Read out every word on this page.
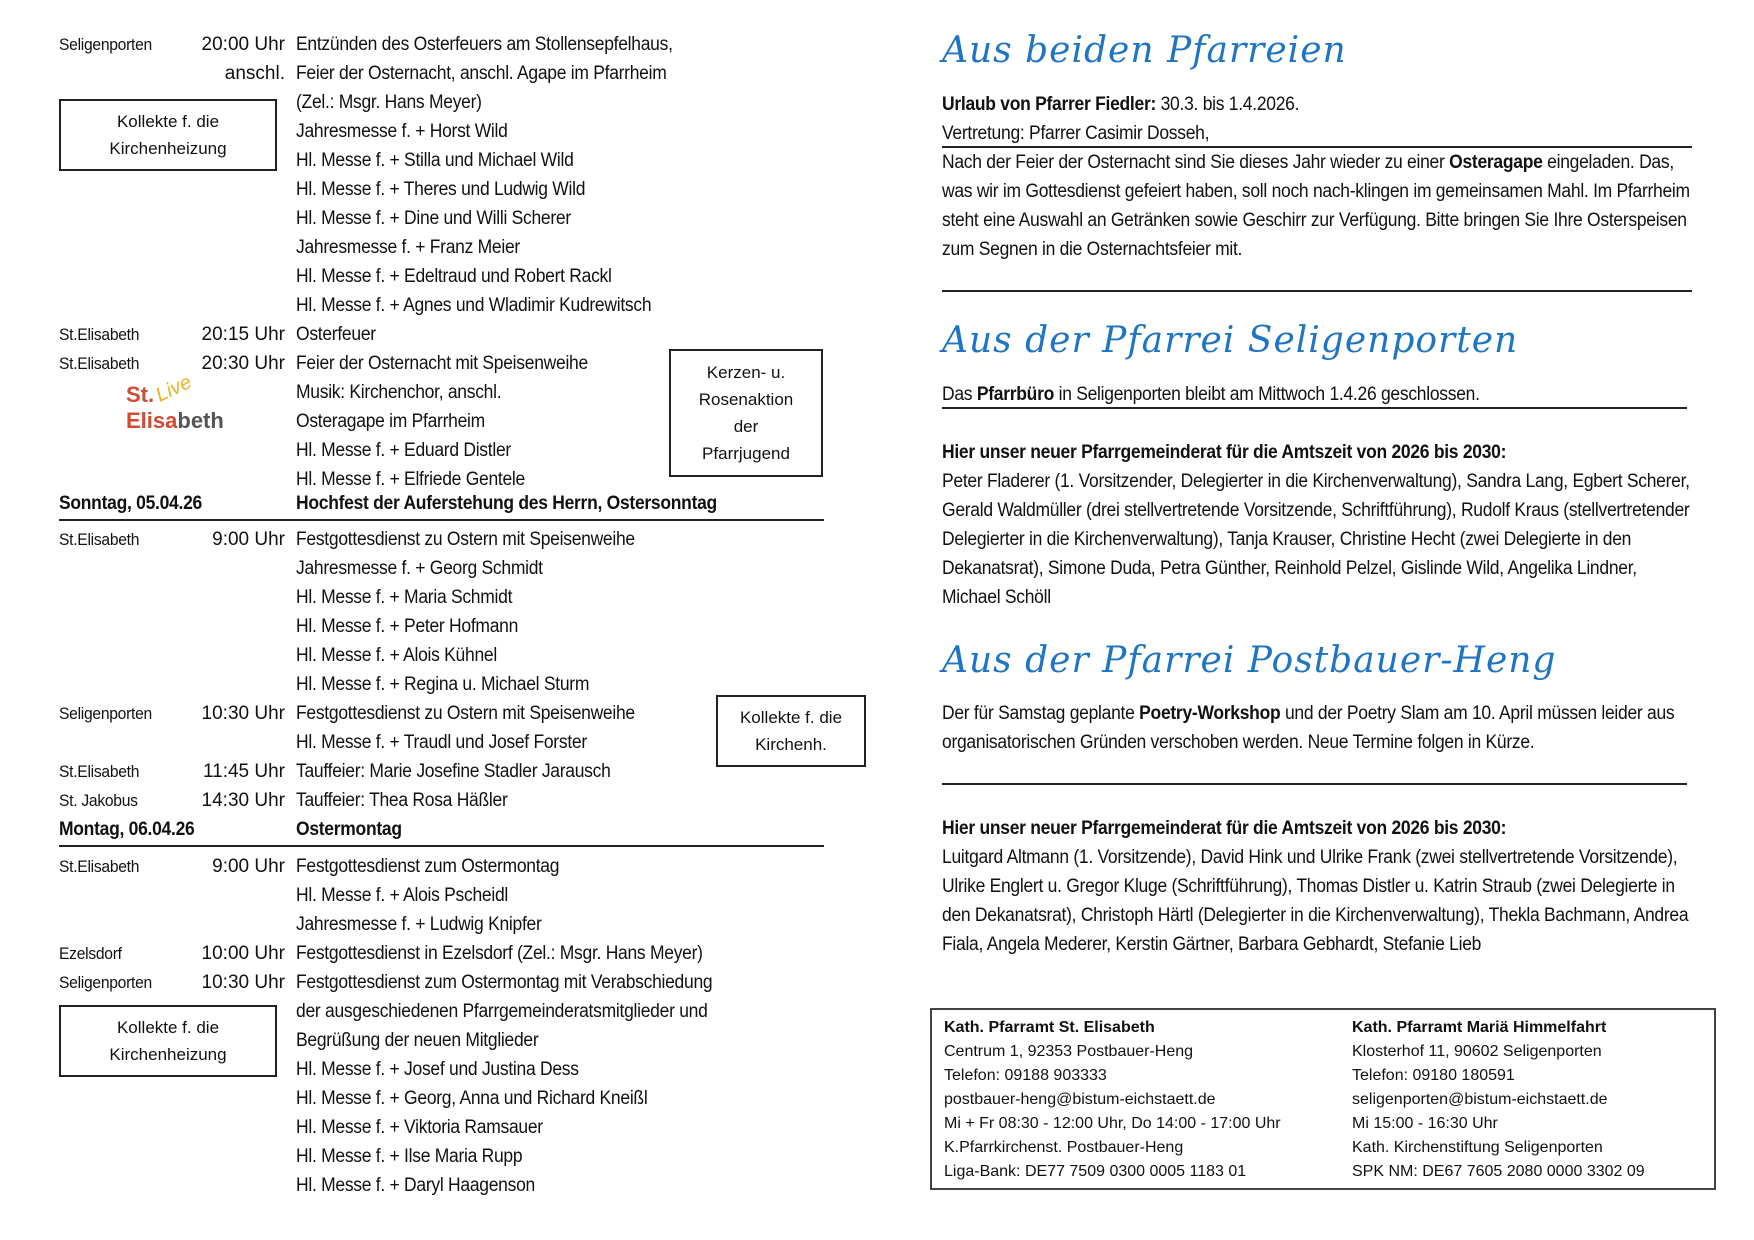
Seligenporten	20:00 Uhr Entzünden des Osterfeuers am Stollensepfelhaus,
anschl. Feier der Osternacht, anschl. Agape im Pfarrheim
(Zel.: Msgr. Hans Meyer)
Jahresmesse f. + Horst Wild
Hl. Messe f. + Stilla und Michael Wild
Hl. Messe f. + Theres und Ludwig Wild
Hl. Messe f. + Dine und Willi Scherer
Jahresmesse f. + Franz Meier
Hl. Messe f. + Edeltraud und Robert Rackl
Hl. Messe f. + Agnes und Wladimir Kudrewitsch
St.Elisabeth	20:15 Uhr Osterfeuer
St.Elisabeth	20:30 Uhr Feier der Osternacht mit Speisenweihe
Musik: Kirchenchor, anschl.
Osteragape im Pfarrheim
Hl. Messe f. + Eduard Distler
Hl. Messe f. + Elfriede Gentele
Sonntag, 05.04.26	Hochfest der Auferstehung des Herrn, Ostersonntag
St.Elisabeth	9:00 Uhr Festgottesdienst zu Ostern mit Speisenweihe
Jahresmesse f. + Georg Schmidt
Hl. Messe f. + Maria Schmidt
Hl. Messe f. + Peter Hofmann
Hl. Messe f. + Alois Kühnel
Hl. Messe f. + Regina u. Michael Sturm
Seligenporten	10:30 Uhr Festgottesdienst zu Ostern mit Speisenweihe
Hl. Messe f. + Traudl und Josef Forster
St.Elisabeth	11:45 Uhr Tauffeier: Marie Josefine Stadler Jarausch
St. Jakobus	14:30 Uhr Tauffeier: Thea Rosa Häßler
Montag, 06.04.26	Ostermontag
St.Elisabeth	9:00 Uhr Festgottesdienst zum Ostermontag
Hl. Messe f. + Alois Pscheidl
Jahresmesse f. + Ludwig Knipfer
Ezelsdorf	10:00 Uhr Festgottesdienst in Ezelsdorf (Zel.: Msgr. Hans Meyer)
Seligenporten	10:30 Uhr Festgottesdienst zum Ostermontag mit Verabschiedung
der ausgeschiedenen Pfarrgemeinderatsmitglieder und
Begrüßung der neuen Mitglieder
Hl. Messe f. + Josef und Justina Dess
Hl. Messe f. + Georg, Anna und Richard Kneißl
Hl. Messe f. + Viktoria Ramsauer
Hl. Messe f. + Ilse Maria Rupp
Hl. Messe f. + Daryl Haagenson
Kollekte f. die
Kirchenheizung
Kerzen- u.
Rosenaktion
der
Pfarrjugend
Kollekte f. die
Kirchenh.
Kollekte f. die
Kirchenheizung
St. Live
Elisabeth
Aus beiden Pfarreien
Urlaub von Pfarrer Fiedler: 30.3. bis 1.4.2026.
Vertretung: Pfarrer Casimir Dosseh,
Nach der Feier der Osternacht sind Sie dieses Jahr wieder zu einer Osteragape eingeladen. Das, was wir im Gottesdienst gefeiert haben, soll noch nach-klingen im gemeinsamen Mahl. Im Pfarrheim steht eine Auswahl an Getränken sowie Geschirr zur Verfügung. Bitte bringen Sie Ihre Osterspeisen zum Segnen in die Osternachtsfeier mit.
Aus der Pfarrei Seligenporten
Das Pfarrbüro in Seligenporten bleibt am Mittwoch 1.4.26 geschlossen.
Hier unser neuer Pfarrgemeinderat für die Amtszeit von 2026 bis 2030:
Peter Fladerer (1. Vorsitzender, Delegierter in die Kirchenverwaltung), Sandra Lang, Egbert Scherer, Gerald Waldmüller (drei stellvertretende Vorsitzende, Schriftführung), Rudolf Kraus (stellvertretender Delegierter in die Kirchenverwaltung), Tanja Krauser, Christine Hecht (zwei Delegierte in den Dekanatsrat), Simone Duda, Petra Günther, Reinhold Pelzel, Gislinde Wild, Angelika Lindner, Michael Schöll
Aus der Pfarrei Postbauer-Heng
Der für Samstag geplante Poetry-Workshop und der Poetry Slam am 10. April müssen leider aus organisatorischen Gründen verschoben werden. Neue Termine folgen in Kürze.
Hier unser neuer Pfarrgemeinderat für die Amtszeit von 2026 bis 2030:
Luitgard Altmann (1. Vorsitzende), David Hink und Ulrike Frank (zwei stellvertretende Vorsitzende), Ulrike Englert u. Gregor Kluge (Schriftführung), Thomas Distler u. Katrin Straub (zwei Delegierte in den Dekanatsrat), Christoph Härtl (Delegierter in die Kirchenverwaltung), Thekla Bachmann, Andrea Fiala, Angela Mederer, Kerstin Gärtner, Barbara Gebhardt, Stefanie Lieb
Kath. Pfarramt St. Elisabeth
Centrum 1, 92353 Postbauer-Heng
Telefon: 09188 903333
postbauer-heng@bistum-eichstaett.de
Mi + Fr 08:30 - 12:00 Uhr, Do 14:00 - 17:00 Uhr
K.Pfarrkirchenst. Postbauer-Heng
Liga-Bank: DE77 7509 0300 0005 1183 01
Kath. Pfarramt Mariä Himmelfahrt
Klosterhof 11, 90602 Seligenporten
Telefon: 09180 180591
seligenporten@bistum-eichstaett.de
Mi 15:00 - 16:30 Uhr
Kath. Kirchenstiftung Seligenporten
SPK NM: DE67 7605 2080 0000 3302 09
